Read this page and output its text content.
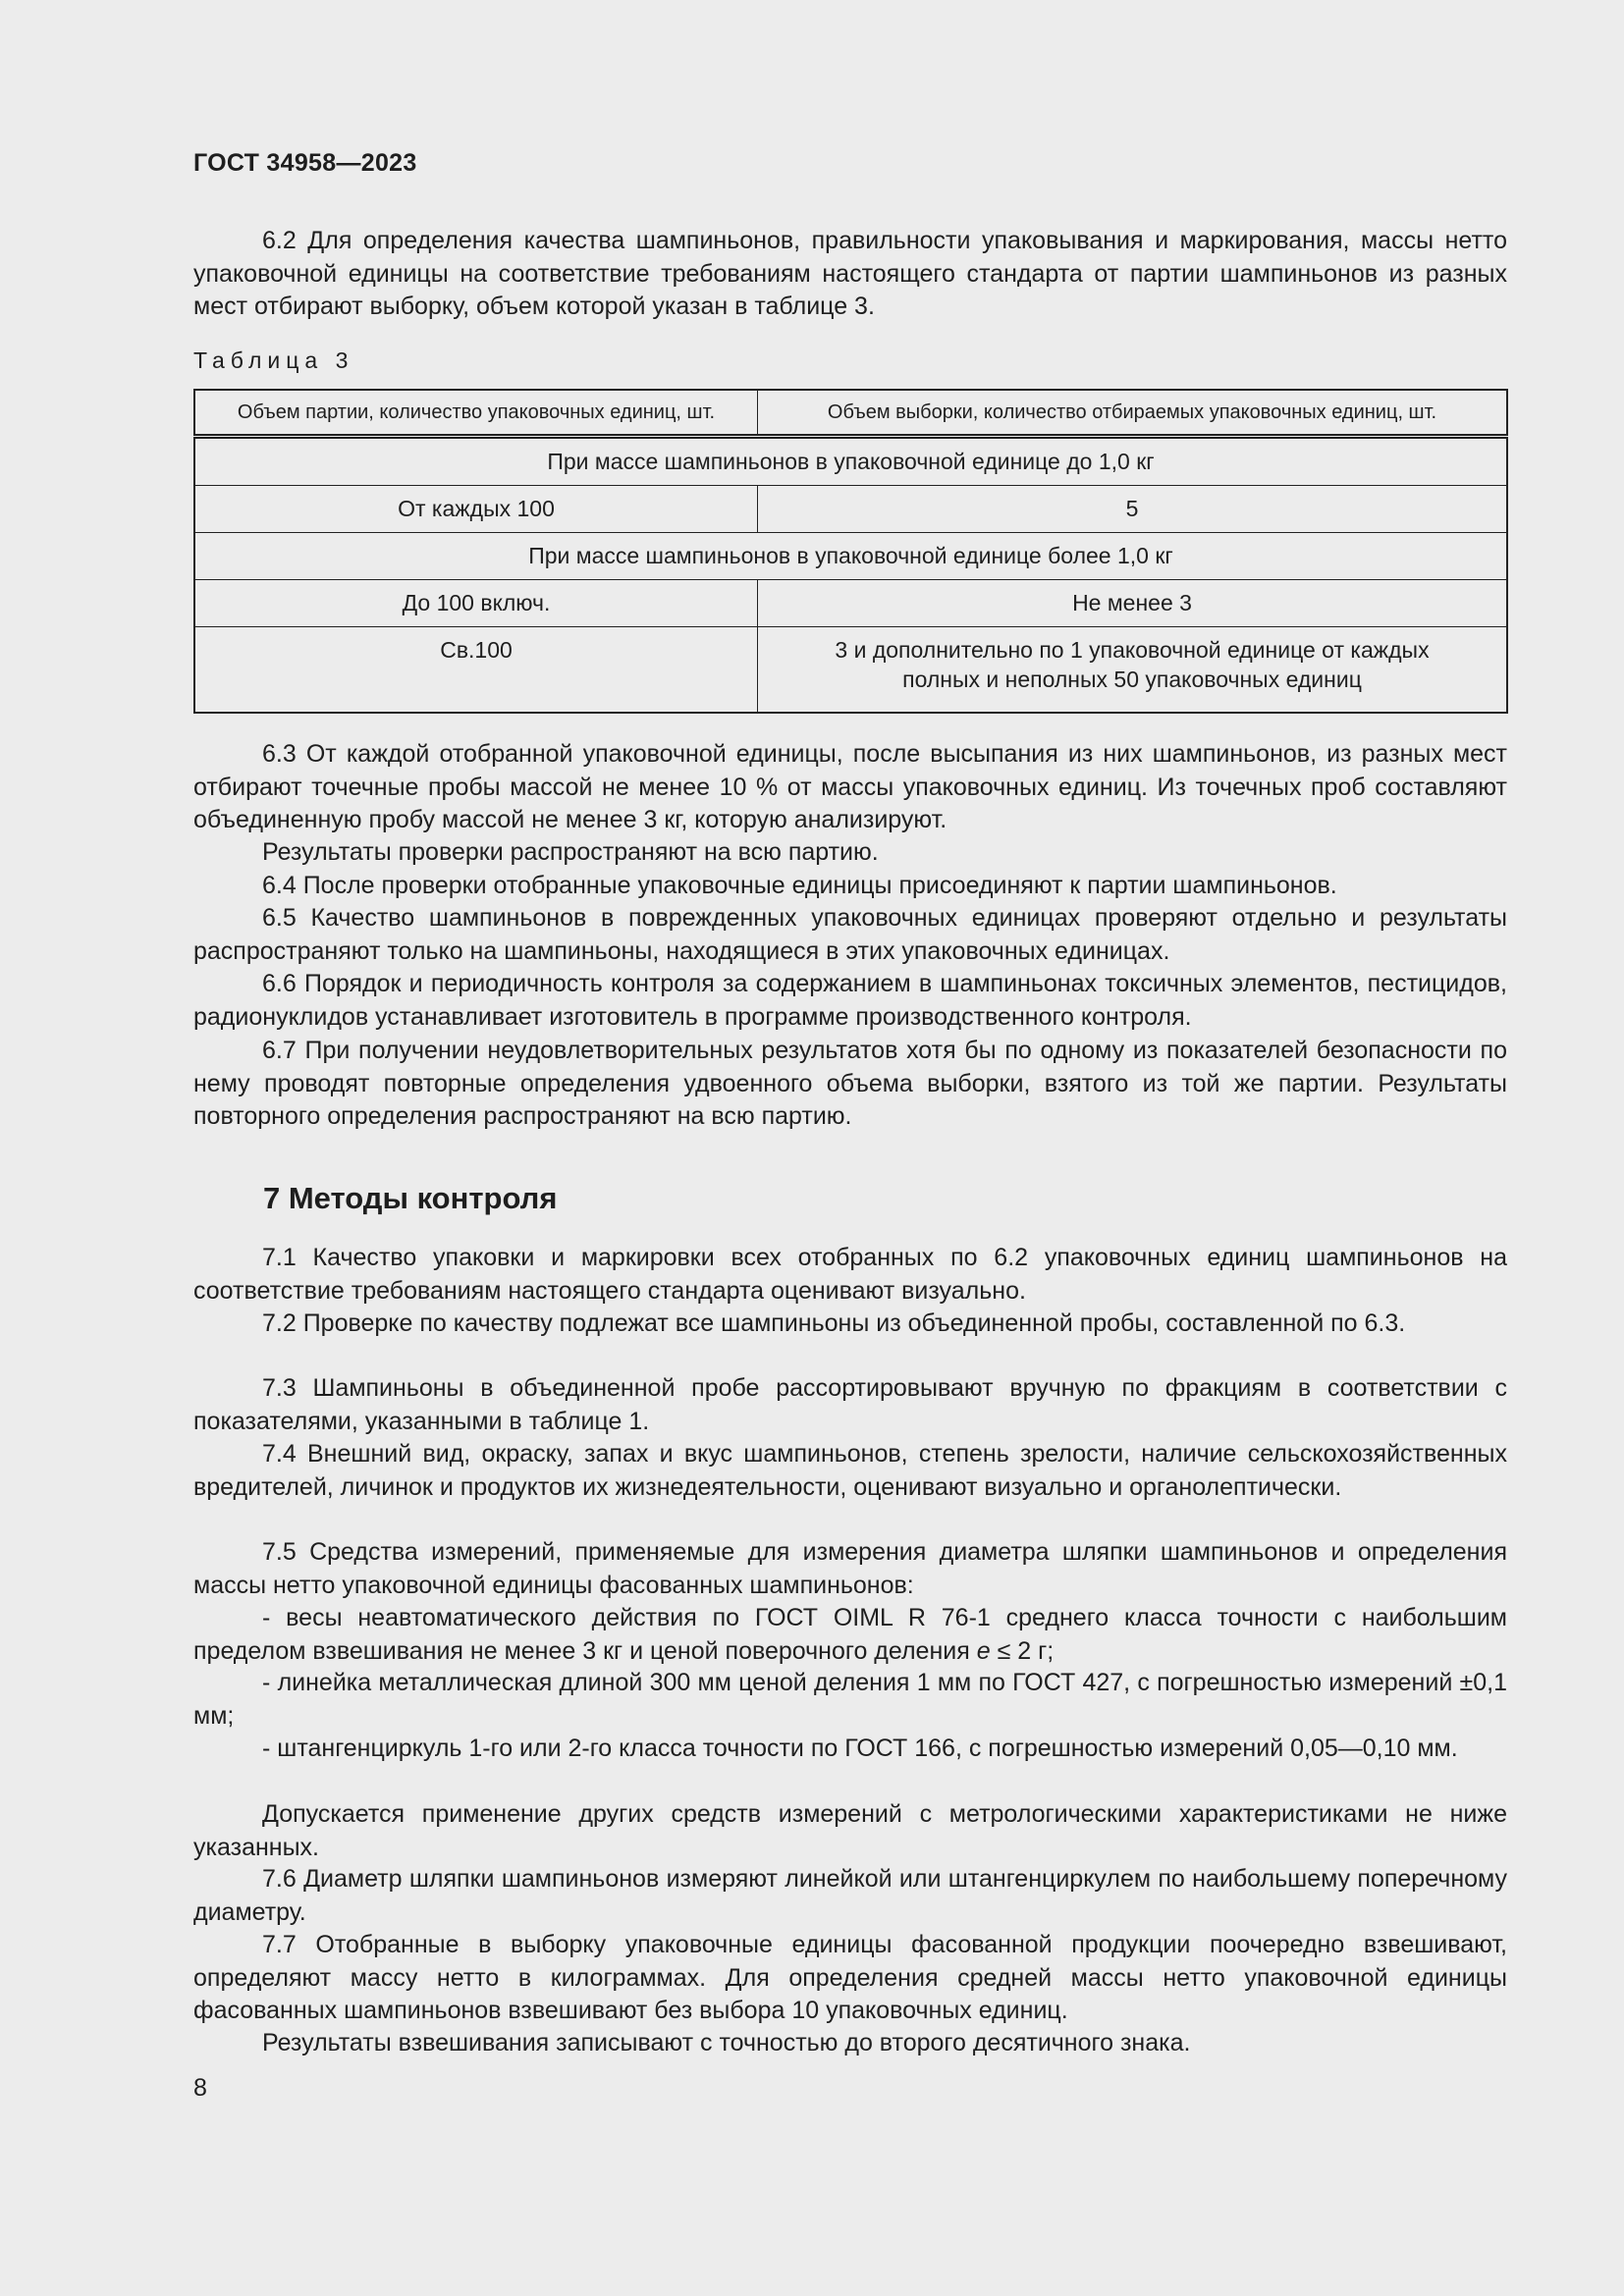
ГОСТ 34958—2023

6.2 Для определения качества шампиньонов, правильности упаковывания и маркирования, массы нетто упаковочной единицы на соответствие требованиям настоящего стандарта от партии шампиньонов из разных мест отбирают выборку, объем которой указан в таблице 3.

Таблица 3
Объем партии, количество упаковочных единиц, шт.	Объем выборки, количество отбираемых упаковочных единиц, шт.
При массе шампиньонов в упаковочной единице до 1,0 кг	
От каждых 100	5
При массе шампиньонов в упаковочной единице более 1,0 кг	
До 100 включ.	Не менее 3
Св.100	3 и дополнительно по 1 упаковочной единице от каждых полных и неполных 50 упаковочных единиц

6.3 От каждой отобранной упаковочной единицы, после высыпания из них шампиньонов, из разных мест отбирают точечные пробы массой не менее 10 % от массы упаковочных единиц. Из точечных проб составляют объединенную пробу массой не менее 3 кг, которую анализируют.

Результаты проверки распространяют на всю партию.

6.4 После проверки отобранные упаковочные единицы присоединяют к партии шампиньонов.

6.5 Качество шампиньонов в поврежденных упаковочных единицах проверяют отдельно и результаты распространяют только на шампиньоны, находящиеся в этих упаковочных единицах.

6.6 Порядок и периодичность контроля за содержанием в шампиньонах токсичных элементов, пестицидов, радионуклидов устанавливает изготовитель в программе производственного контроля.

6.7 При получении неудовлетворительных результатов хотя бы по одному из показателей безопасности по нему проводят повторные определения удвоенного объема выборки, взятого из той же партии. Результаты повторного определения распространяют на всю партию.

7 Методы контроля

7.1 Качество упаковки и маркировки всех отобранных по 6.2 упаковочных единиц шампиньонов на соответствие требованиям настоящего стандарта оценивают визуально.

7.2 Проверке по качеству подлежат все шампиньоны из объединенной пробы, составленной по 6.3.

7.3 Шампиньоны в объединенной пробе рассортировывают вручную по фракциям в соответствии с показателями, указанными в таблице 1.

7.4 Внешний вид, окраску, запах и вкус шампиньонов, степень зрелости, наличие сельскохозяйственных вредителей, личинок и продуктов их жизнедеятельности, оценивают визуально и органолептически.

7.5 Средства измерений, применяемые для измерения диаметра шляпки шампиньонов и определения массы нетто упаковочной единицы фасованных шампиньонов:

- весы неавтоматического действия по ГОСТ OIML R 76-1 среднего класса точности с наибольшим пределом взвешивания не менее 3 кг и ценой поверочного деления е ≤ 2 г;

- линейка металлическая длиной 300 мм ценой деления 1 мм по ГОСТ 427, с погрешностью измерений ±0,1 мм;

- штангенциркуль 1-го или 2-го класса точности по ГОСТ 166, с погрешностью измерений 0,05—0,10 мм.

Допускается применение других средств измерений с метрологическими характеристиками не ниже указанных.

7.6 Диаметр шляпки шампиньонов измеряют линейкой или штангенциркулем по наибольшему поперечному диаметру.

7.7 Отобранные в выборку упаковочные единицы фасованной продукции поочередно взвешивают, определяют массу нетто в килограммах. Для определения средней массы нетто упаковочной единицы фасованных шампиньонов взвешивают без выбора 10 упаковочных единиц.

Результаты взвешивания записывают с точностью до второго десятичного знака.

8
